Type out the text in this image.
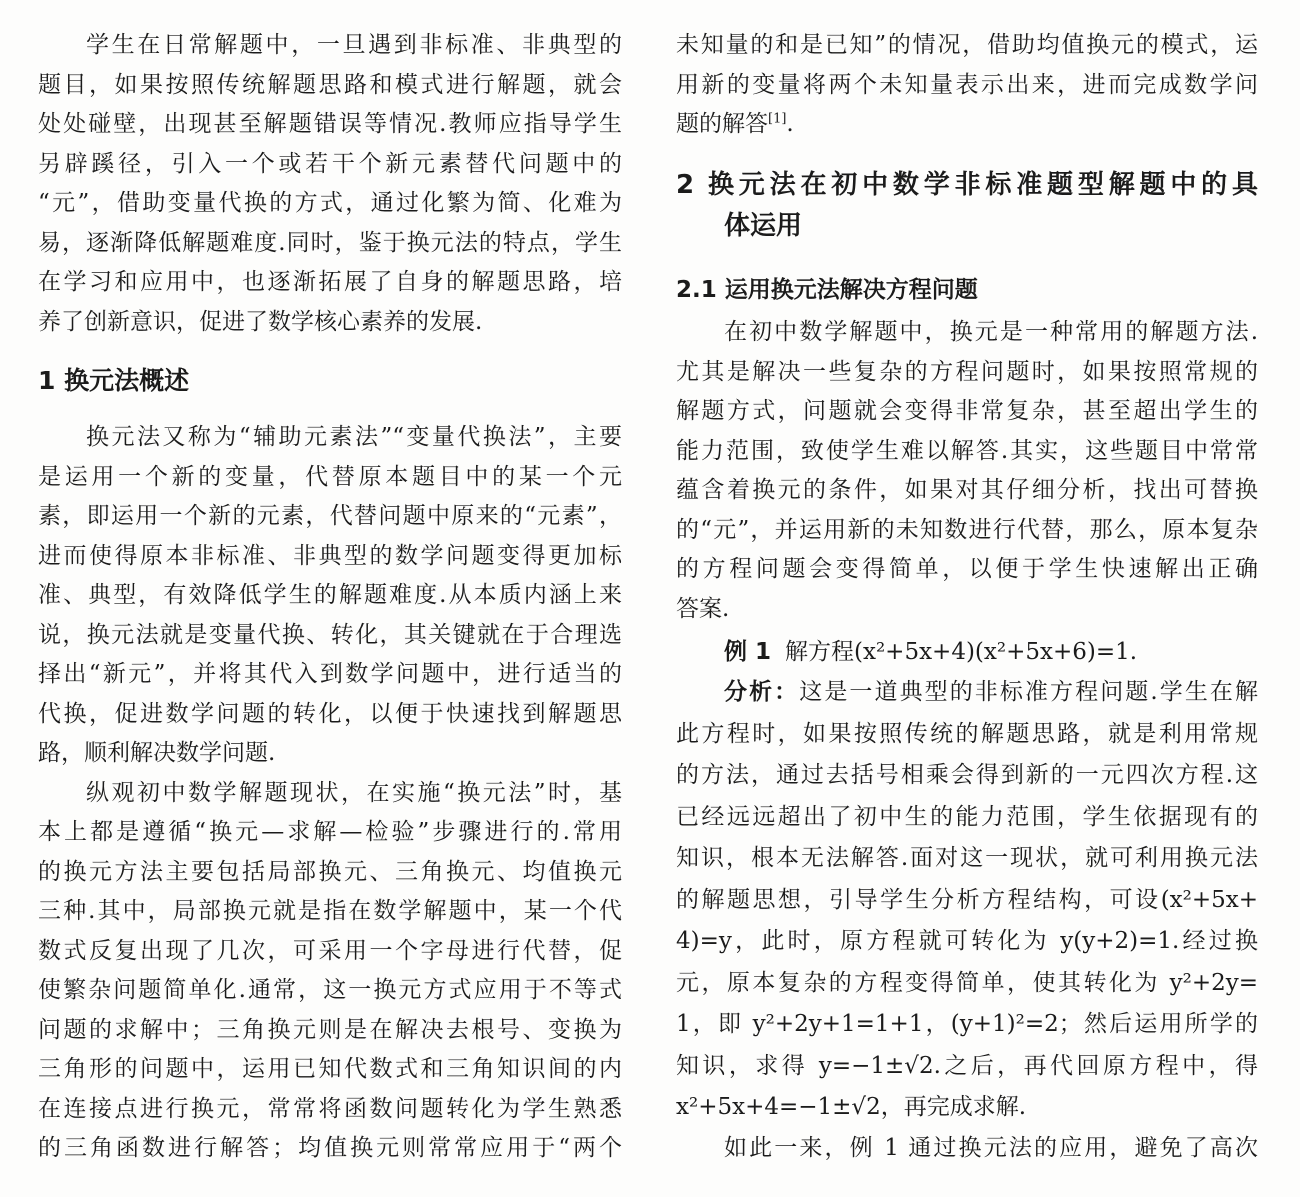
学生在日常解题中，一旦遇到非标准、非典型的
题目，如果按照传统解题思路和模式进行解题，就会
处处碰壁，出现甚至解题错误等情况.教师应指导学生
另辟蹊径，引入一个或若干个新元素替代问题中的
“元”，借助变量代换的方式，通过化繁为简、化难为
易，逐渐降低解题难度.同时，鉴于换元法的特点，学生
在学习和应用中，也逐渐拓展了自身的解题思路，培
养了创新意识，促进了数学核心素养的发展.
1 换元法概述
换元法又称为“辅助元素法”“变量代换法”，主要
是运用一个新的变量，代替原本题目中的某一个元
素，即运用一个新的元素，代替问题中原来的“元素”，
进而使得原本非标准、非典型的数学问题变得更加标
准、典型，有效降低学生的解题难度.从本质内涵上来
说，换元法就是变量代换、转化，其关键就在于合理选
择出“新元”，并将其代入到数学问题中，进行适当的
代换，促进数学问题的转化，以便于快速找到解题思
路，顺利解决数学问题.
纵观初中数学解题现状，在实施“换元法”时，基
本上都是遵循“换元—求解—检验”步骤进行的.常用
的换元方法主要包括局部换元、三角换元、均值换元
三种.其中，局部换元就是指在数学解题中，某一个代
数式反复出现了几次，可采用一个字母进行代替，促
使繁杂问题简单化.通常，这一换元方式应用于不等式
问题的求解中；三角换元则是在解决去根号、变换为
三角形的问题中，运用已知代数式和三角知识间的内
在连接点进行换元，常常将函数问题转化为学生熟悉
的三角函数进行解答；均值换元则常常应用于“两个
未知量的和是已知”的情况，借助均值换元的模式，运
用新的变量将两个未知量表示出来，进而完成数学问
题的解答[1].
2 换元法在初中数学非标准题型解题中的具
体运用
2.1 运用换元法解决方程问题
在初中数学解题中，换元是一种常用的解题方法.
尤其是解决一些复杂的方程问题时，如果按照常规的
解题方式，问题就会变得非常复杂，甚至超出学生的
能力范围，致使学生难以解答.其实，这些题目中常常
蕴含着换元的条件，如果对其仔细分析，找出可替换
的“元”，并运用新的未知数进行代替，那么，原本复杂
的方程问题会变得简单，以便于学生快速解出正确
答案.
例 1 解方程(x²+5x+4)(x²+5x+6)=1.
分析：这是一道典型的非标准方程问题.学生在解
此方程时，如果按照传统的解题思路，就是利用常规
的方法，通过去括号相乘会得到新的一元四次方程.这
已经远远超出了初中生的能力范围，学生依据现有的
知识，根本无法解答.面对这一现状，就可利用换元法
的解题思想，引导学生分析方程结构，可设(x²+5x+
4)=y，此时，原方程就可转化为 y(y+2)=1.经过换
元，原本复杂的方程变得简单，使其转化为 y²+2y=
1，即 y²+2y+1=1+1，(y+1)²=2；然后运用所学的
知识，求得 y=−1±√2.之后，再代回原方程中，得
x²+5x+4=−1±√2，再完成求解.
如此一来，例 1 通过换元法的应用，避免了高次
